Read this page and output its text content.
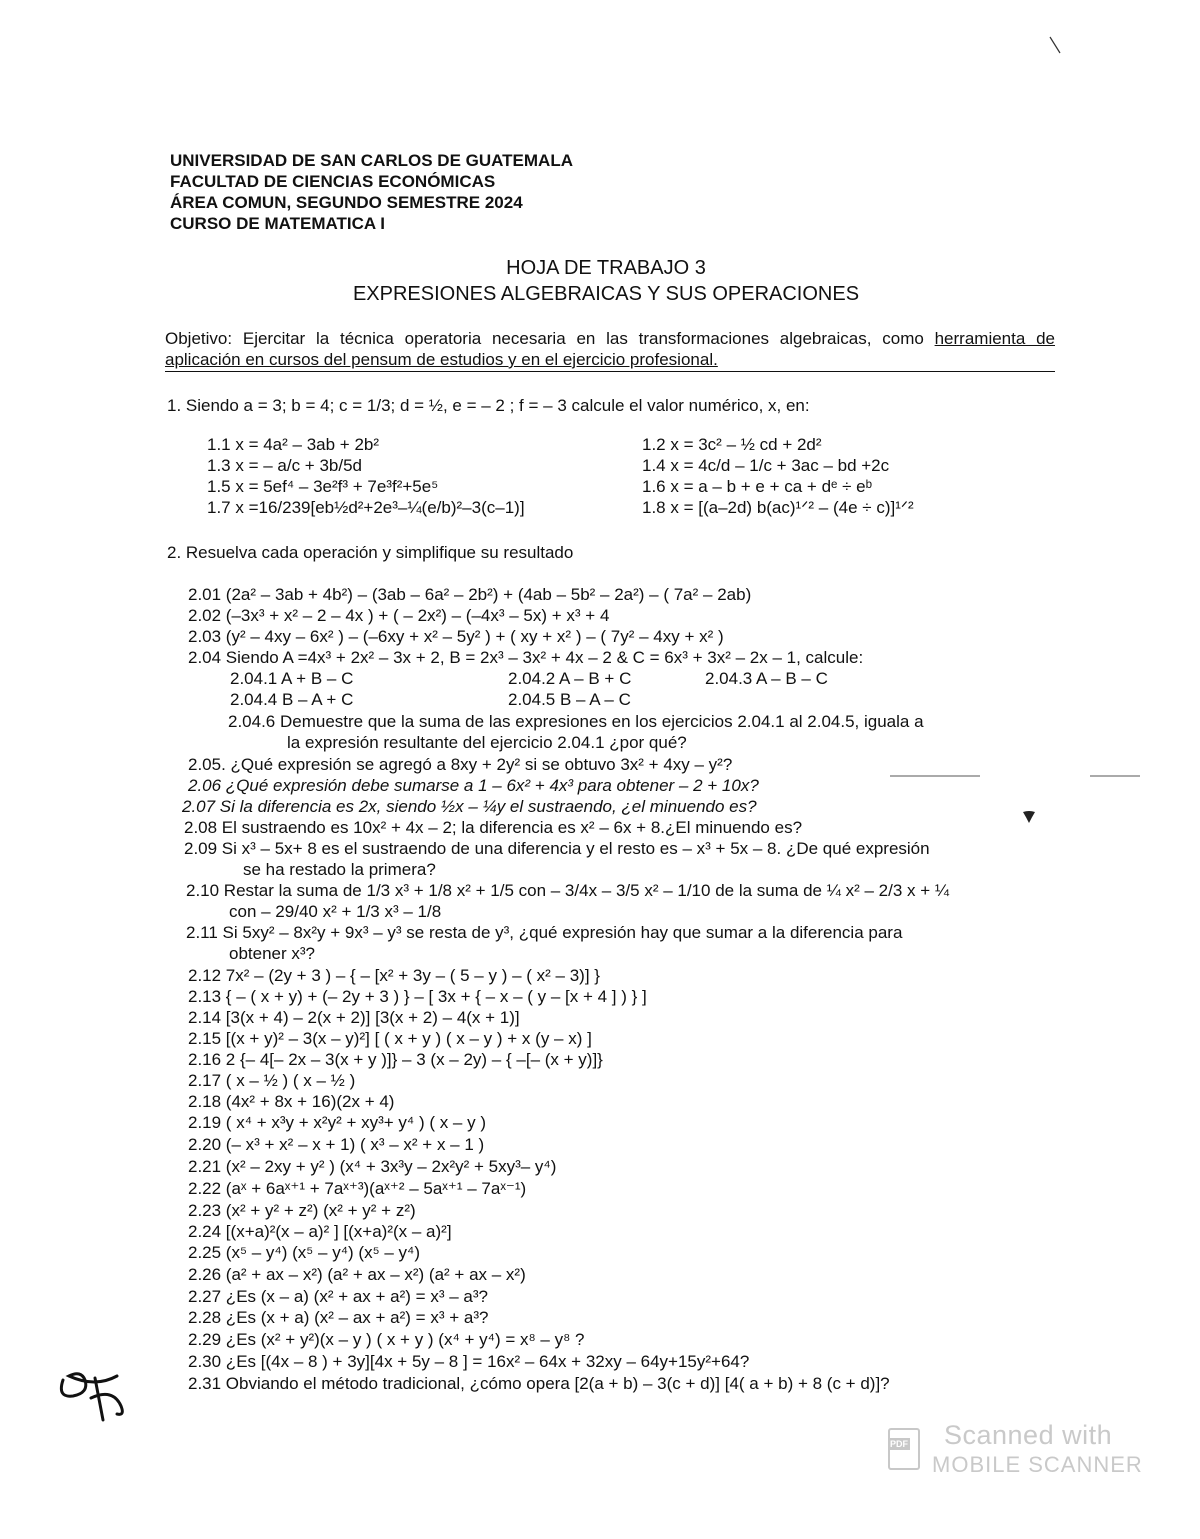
UNIVERSIDAD DE SAN CARLOS DE GUATEMALA
FACULTAD DE CIENCIAS ECONÓMICAS
ÁREA COMUN, SEGUNDO SEMESTRE 2024
CURSO DE MATEMATICA I
HOJA DE TRABAJO 3
EXPRESIONES ALGEBRAICAS Y SUS OPERACIONES
Objetivo: Ejercitar la técnica operatoria necesaria en las transformaciones algebraicas, como herramienta de aplicación en cursos del pensum de estudios y en el ejercicio profesional.
1. Siendo a = 3; b = 4; c = 1/3; d = ½, e = – 2 ; f = – 3 calcule el valor numérico, x, en:
1.1 x = 4a² – 3ab + 2b²	1.2 x = 3c² – ½ cd + 2d²
1.3 x = – a/c + 3b/5d	1.4 x = 4c/d – 1/c + 3ac – bd +2c
1.5 x = 5ef⁴ – 3e²f³ + 7e³f²+5e⁵	1.6 x = a – b + e + ca + dᵉ ÷ eᵇ
1.7 x =16/239[eb½d²+2e³–¼(e/b)²–3(c–1)]	1.8 x = [(a–2d) b(ac)¹ᐟ² – (4e ÷ c)]¹ᐟ²
2. Resuelva cada operación y simplifique su resultado
2.01 (2a² – 3ab + 4b²) – (3ab – 6a² – 2b²) + (4ab – 5b² – 2a²) – ( 7a² – 2ab)
2.02 (–3x³ + x² – 2 – 4x ) + ( – 2x²) – (–4x³ – 5x) + x³ + 4
2.03 (y² – 4xy – 6x² ) – (–6xy + x² – 5y² ) + ( xy + x² ) – ( 7y² – 4xy + x² )
2.04 Siendo A =4x³ + 2x² – 3x + 2, B = 2x³ – 3x² + 4x – 2 & C = 6x³ + 3x² – 2x – 1, calcule:
2.04.1 A + B – C	2.04.2 A – B + C	2.04.3 A – B – C
2.04.4 B – A + C	2.04.5 B – A – C
2.04.6 Demuestre que la suma de las expresiones en los ejercicios 2.04.1 al 2.04.5, iguala a
la expresión resultante del ejercicio 2.04.1 ¿por qué?
2.05. ¿Qué expresión se agregó a 8xy + 2y² si se obtuvo 3x² + 4xy – y²?
2.06 ¿Qué expresión debe sumarse a 1 – 6x² + 4x³ para obtener – 2 + 10x?
2.07 Si la diferencia es 2x, siendo ½x – ¼y el sustraendo, ¿el minuendo es?
2.08 El sustraendo es 10x² + 4x – 2; la diferencia es x² – 6x + 8.¿El minuendo es?
2.09 Si x³ – 5x+ 8 es el sustraendo de una diferencia y el resto es – x³ + 5x – 8. ¿De qué expresión
se ha restado la primera?
2.10 Restar la suma de 1/3 x³ + 1/8 x² + 1/5 con – 3/4x – 3/5 x² – 1/10 de la suma de ¼ x² – 2/3 x + ¼
con – 29/40 x² + 1/3 x³ – 1/8
2.11 Si 5xy² – 8x²y + 9x³ – y³ se resta de y³, ¿qué expresión hay que sumar a la diferencia para
obtener x³?
2.12 7x² – (2y + 3 ) – { – [x² + 3y – ( 5 – y ) – ( x² – 3)] }
2.13 { – ( x + y) + (– 2y + 3 ) } – [ 3x + { – x – ( y – [x + 4 ] ) } ]
2.14 [3(x + 4) – 2(x + 2)] [3(x + 2) – 4(x + 1)]
2.15 [(x + y)² – 3(x – y)²] [ ( x + y ) ( x – y ) + x (y – x) ]
2.16 2 {– 4[– 2x – 3(x + y )]} – 3 (x – 2y) – { –[– (x + y)]}
2.17 ( x – ½ ) ( x – ½ )
2.18 (4x² + 8x + 16)(2x + 4)
2.19 ( x⁴ + x³y + x²y² + xy³+ y⁴ ) ( x – y )
2.20 (– x³ + x² – x + 1) ( x³ – x² + x – 1 )
2.21 (x² – 2xy + y² ) (x⁴ + 3x³y – 2x²y² + 5xy³– y⁴)
2.22 (aˣ + 6aˣ⁺¹ + 7aˣ⁺³)(aˣ⁺² – 5aˣ⁺¹ – 7aˣ⁻¹)
2.23 (x² + y² + z²) (x² + y² + z²)
2.24 [(x+a)²(x – a)² ] [(x+a)²(x – a)²]
2.25 (x⁵ – y⁴) (x⁵ – y⁴) (x⁵ – y⁴)
2.26 (a² + ax – x²) (a² + ax – x²) (a² + ax – x²)
2.27 ¿Es (x – a) (x² + ax + a²) = x³ – a³?
2.28 ¿Es (x + a) (x² – ax + a²) = x³ + a³?
2.29 ¿Es (x² + y²)(x – y ) ( x + y ) (x⁴ + y⁴) = x⁸ – y⁸ ?
2.30 ¿Es [(4x – 8 ) + 3y][4x + 5y – 8 ] = 16x² – 64x + 32xy – 64y+15y²+64?
2.31 Obviando el método tradicional, ¿cómo opera [2(a + b) – 3(c + d)] [4( a + b) + 8 (c + d)]?
PDF Scanned with
MOBILE SCANNER
